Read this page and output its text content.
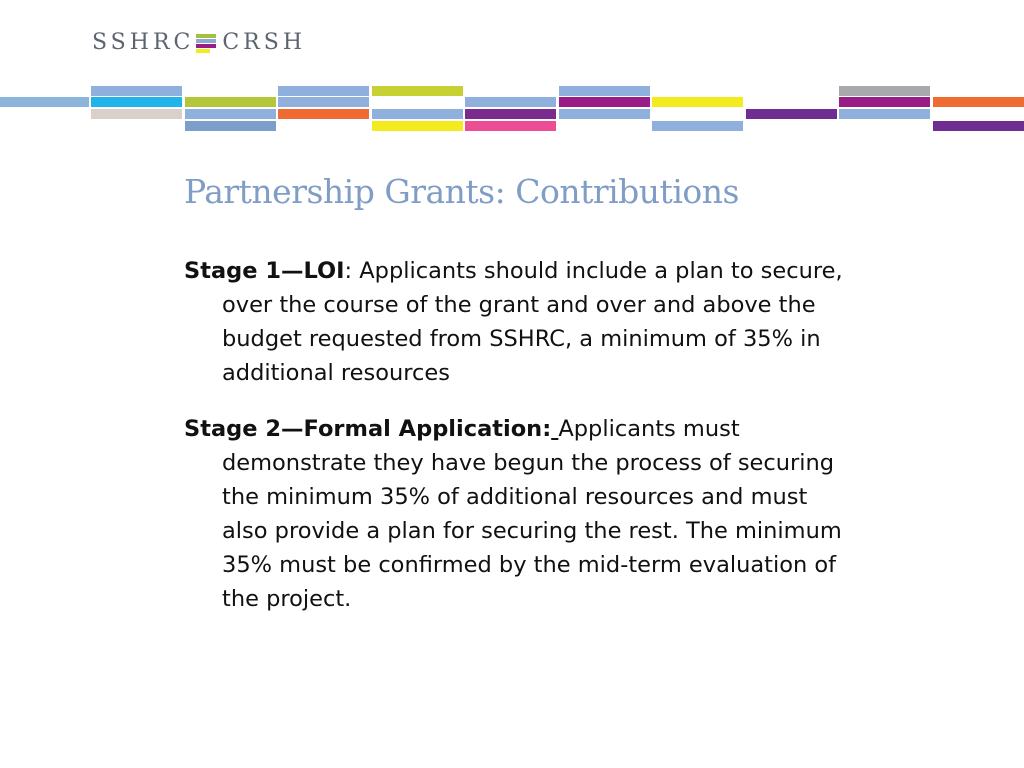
SSHRC CRSH
Partnership Grants: Contributions

Stage 1—LOI: Applicants should include a plan to secure, over the course of the grant and over and above the budget requested from SSHRC, a minimum of 35% in additional resources

Stage 2—Formal Application: Applicants must demonstrate they have begun the process of securing the minimum 35% of additional resources and must also provide a plan for securing the rest. The minimum 35% must be confirmed by the mid-term evaluation of the project.
